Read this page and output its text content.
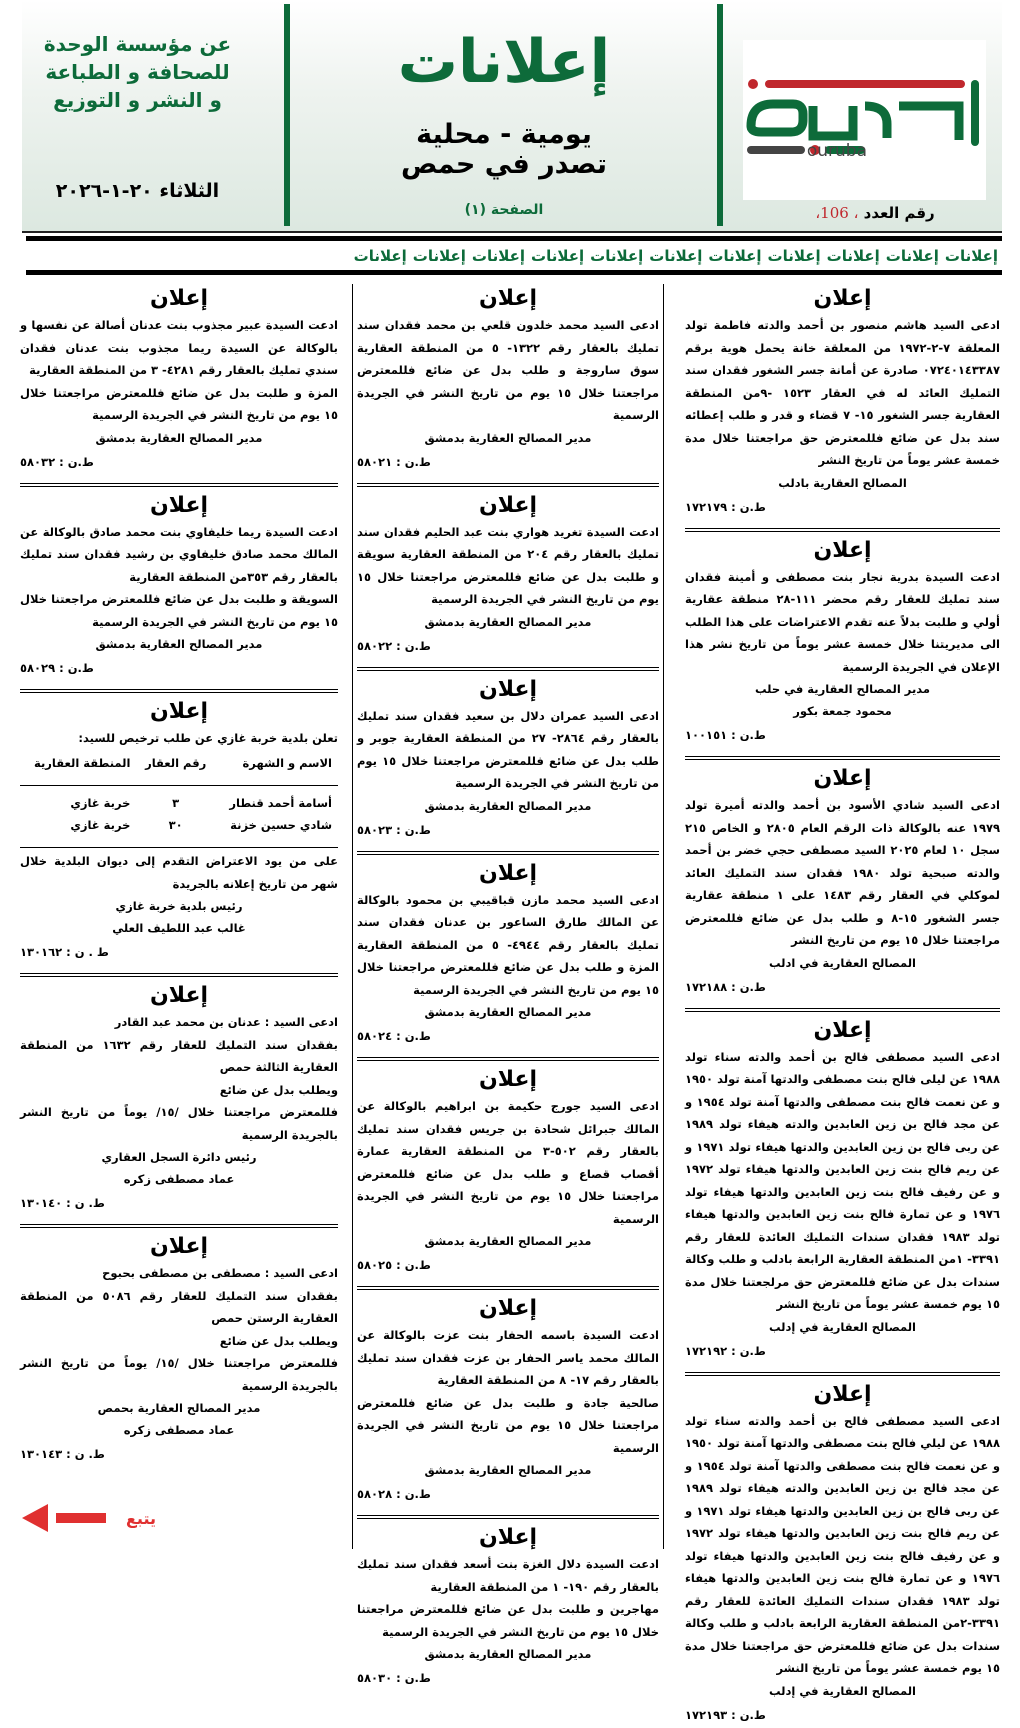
ouruba
رقم العدد ، 106،
إعلانات
يومية - محلية
تصدر في حمص
الصفحة (١)
عن مؤسسة الوحدة
للصحافة و الطباعة
و النشر و التوزيع
الثلاثاء ٢٠-١-٢٠٢٦
إعلانات
إعلانات
إعلانات
إعلانات
إعلانات
إعلانات
إعلانات
إعلانات
إعلانات
إعلانات
إعلانات
إعلان

ادعى السيد هاشم منصور بن أحمد والدته فاطمة تولد المعلقة ٧-٢-١٩٧٢ من المعلقة خانة يحمل هوية برقم ٠٧٢٤٠١٤٣٣٨٧ صادرة عن أمانة جسر الشغور فقدان سند التمليك العائد له في العقار ١٥٢٣ -٩من المنطقة العقارية جسر الشغور ١٥- ٧ قضاء و قدر و طلب إعطائه سند بدل عن ضائع فللمعترض حق مراجعتنا خلال مدة خمسة عشر يوماً من تاريخ النشر

المصالح العقارية بادلب
ط.ن : ١٧٢١٧٩
إعلان

ادعت السيدة بدرية نجار بنت مصطفى و أمينة فقدان سند تمليك للعقار رقم محضر ١١١-٢٨ منطقة عقارية أولي و طلبت بدلاً عنه تقدم الاعتراضات على هذا الطلب الى مديريتنا خلال خمسة عشر يوماً من تاريخ نشر هذا الإعلان في الجريدة الرسمية

مدير المصالح العقارية في حلب
محمود جمعة بكور
ط.ن : ١٠٠١٥١
إعلان

ادعى السيد شادي الأسود بن أحمد والدته أميرة تولد ١٩٧٩ عنه بالوكالة ذات الرقم العام ٢٨٠٥ و الخاص ٢١٥ سجل ١٠ لعام ٢٠٢٥ السيد مصطفى حجي خضر بن أحمد والدته صبحية تولد ١٩٨٠ فقدان سند التمليك العائد لموكلي في العقار رقم ١٤٨٣ على ١ منطقة عقارية جسر الشغور ١٥-٨ و طلب بدل عن ضائع فللمعترض مراجعتنا خلال ١٥ يوم من تاريخ النشر

المصالح العقارية في ادلب
ط.ن : ١٧٢١٨٨
إعلان

ادعى السيد مصطفى فالح بن أحمد والدته سناء تولد ١٩٨٨ عن ليلى فالح بنت مصطفى والدتها آمنة تولد ١٩٥٠ و عن نعمت فالح بنت مصطفى والدتها آمنة تولد ١٩٥٤ و عن مجد فالح بن زين العابدين والدته هيفاء تولد ١٩٨٩ عن ربى فالح بن زين العابدين والدتها هيفاء تولد ١٩٧١ و عن ريم فالح بنت زين العابدين والدتها هيفاء تولد ١٩٧٢ و عن رفيف فالح بنت زين العابدين والدتها هيفاء تولد ١٩٧٦ و عن تمارة فالح بنت زين العابدين والدتها هيفاء تولد ١٩٨٣ فقدان سندات التمليك العائدة للعقار رقم ٣٣٩١- ١من المنطقة العقارية الرابعة بادلب و طلب وكالة سندات بدل عن ضائع فللمعترض حق مرلجعتنا خلال مدة ١٥ يوم خمسة عشر يوماً من تاريخ النشر

المصالح العقارية في إدلب
ط.ن : ١٧٢١٩٢
إعلان

ادعى السيد مصطفى فالح بن أحمد والدته سناء تولد ١٩٨٨ عن ليلي فالح بنت مصطفى والدتها آمنة تولد ١٩٥٠ و عن نعمت فالح بنت مصطفى والدتها آمنة تولد ١٩٥٤ و عن مجد فالح بن زين العابدين والدته هيفاء تولد ١٩٨٩ عن ربى فالح بن زين العابدين والدتها هيفاء تولد ١٩٧١ و عن ريم فالح بنت زين العابدين والدتها هيفاء تولد ١٩٧٢ و عن رفيف فالح بنت زين العابدين والدتها هيفاء تولد ١٩٧٦ و عن تمارة فالح بنت زين العابدين والدتها هيفاء تولد ١٩٨٣ فقدان سندات التمليك العائدة للعقار رقم ٣٣٩١-٢من المنطقة العقارية الرابعة بادلب و طلب وكالة سندات بدل عن ضائع فللمعترض حق مراجعتنا خلال مدة ١٥ يوم خمسة عشر يوماً من تاريخ النشر

المصالح العقارية في إدلب
ط.ن : ١٧٢١٩٣
إعلان

ادعى السيد محمد خلدون قلعي بن محمد فقدان سند تمليك بالعقار رقم ١٣٢٢- ٥ من المنطقة العقارية سوق ساروجة و طلب بدل عن ضائع فللمعترض مراجعتنا خلال ١٥ يوم من تاريخ النشر في الجريدة الرسمية

مدير المصالح العقارية بدمشق
ط.ن : ٥٨٠٢١
إعلان

ادعت السيدة تغريد هواري بنت عبد الحليم فقدان سند تمليك بالعقار رقم ٢٠٤ من المنطقة العقارية سويقة و طلبت بدل عن ضائع فللمعترض مراجعتنا خلال ١٥ يوم من تاريخ النشر في الجريدة الرسمية

مدير المصالح العقارية بدمشق
ط.ن : ٥٨٠٢٢
إعلان

ادعى السيد عمران دلال بن سعيد فقدان سند تمليك بالعقار رقم ٢٨٦٤- ٢٧ من المنطقة العقارية جوبر و طلب بدل عن ضائع فللمعترض مراجعتنا خلال ١٥ يوم من تاريخ النشر في الجريدة الرسمية

مدير المصالح العقارية بدمشق
ط.ن : ٥٨٠٢٣
إعلان

ادعى السيد محمد مازن قباقيبي بن محمود بالوكالة عن المالك طارق الساعور بن عدنان فقدان سند تمليك بالعقار رقم ٤٩٤٤- ٥ من المنطقة العقارية المزة و طلب بدل عن ضائع فللمعترض مراجعتنا خلال ١٥ يوم من تاريخ النشر في الجريدة الرسمية

مدير المصالح العقارية بدمشق
ط.ن : ٥٨٠٢٤
إعلان

ادعى السيد جورج حكيمة بن ابراهيم بالوكالة عن المالك جبرائل شحادة بن جريس فقدان سند تمليك بالعقار رقم ٥٠٢-٣ من المنطقة العقارية عمارة أقصاب قصاع و طلب بدل عن ضائع فللمعترض مراجعتنا خلال ١٥ يوم من تاريخ النشر في الجريدة الرسمية

مدير المصالح العقارية بدمشق
ط.ن : ٥٨٠٢٥
إعلان

ادعت السيدة باسمه الحفار بنت عزت بالوكالة عن المالك محمد ياسر الحفار بن عزت فقدان سند تمليك بالعقار رقم ١٧- ٨ من المنطقة العقارية

صالحية جادة و طلبت بدل عن ضائع فللمعترض مراجعتنا خلال ١٥ يوم من تاريخ النشر في الجريدة الرسمية

مدير المصالح العقارية بدمشق
ط.ن : ٥٨٠٢٨
إعلان

ادعت السيدة دلال الغزة بنت أسعد فقدان سند تمليك بالعقار رقم ١٩٠- ١ من المنطقة العقارية

مهاجرين و طلبت بدل عن ضائع فللمعترض مراجعتنا خلال ١٥ يوم من تاريخ النشر في الجريدة الرسمية

مدير المصالح العقارية بدمشق
ط.ن : ٥٨٠٣٠
إعلان

ادعت السيدة عبير مجذوب بنت عدنان أصالة عن نفسها و بالوكالة عن السيدة ريما مجذوب بنت عدنان فقدان سندي تمليك بالعقار رقم ٤٢٨١- ٣ من المنطقة العقارية

المزة و طلبت بدل عن ضائع فللمعترض مراجعتنا خلال ١٥ يوم من تاريخ النشر في الجريدة الرسمية

مدير المصالح العقارية بدمشق
ط.ن : ٥٨٠٣٢
إعلان

ادعت السيدة ريما خليفاوي بنت محمد صادق بالوكالة عن المالك محمد صادق خليفاوي بن رشيد فقدان سند تمليك بالعقار رقم ٣٥٣من المنطقة العقارية

السويقة و طلبت بدل عن ضائع فللمعترض مراجعتنا خلال ١٥ يوم من تاريخ النشر في الجريدة الرسمية

مدير المصالح العقارية بدمشق
ط.ن : ٥٨٠٢٩
إعلان

تعلن بلدية خربة غازي عن طلب ترخيص للسيد:

الاسم و الشهرة	رقم العقار	المنطقة العقارية

أسامة أحمد قنطار	٣	خربة غازي
شادي حسين خزنة	٣٠	خربة غازي

على من يود الاعتراض التقدم إلى ديوان البلدية خلال شهر من تاريخ إعلانه بالجريدة

رئيس بلدية خربة غازي
غالب عبد اللطيف العلي
ط . ن : ١٣٠١٦٢
إعلان

ادعى السيد : عدنان بن محمد عبد القادر

بفقدان سند التمليك للعقار رقم ١٦٣٢ من المنطقة العقارية الثالثة حمص

ويطلب بدل عن ضائع

فللمعترض مراجعتنا خلال /١٥/ يوماً من تاريخ النشر بالجريدة الرسمية

رئيس دائرة السجل العقاري
عماد مصطفى زكره
ط. ن : ١٣٠١٤٠
إعلان

ادعى السيد : مصطفى بن مصطفى بحبوح

بفقدان سند التمليك للعقار رقم ٥٠٨٦ من المنطقة العقارية الرستن حمص

ويطلب بدل عن ضائع

فللمعترض مراجعتنا خلال /١٥/ يوماً من تاريخ النشر بالجريدة الرسمية

مدير المصالح العقارية بحمص
عماد مصطفى زكره
ط. ن : ١٣٠١٤٣
يتبع
